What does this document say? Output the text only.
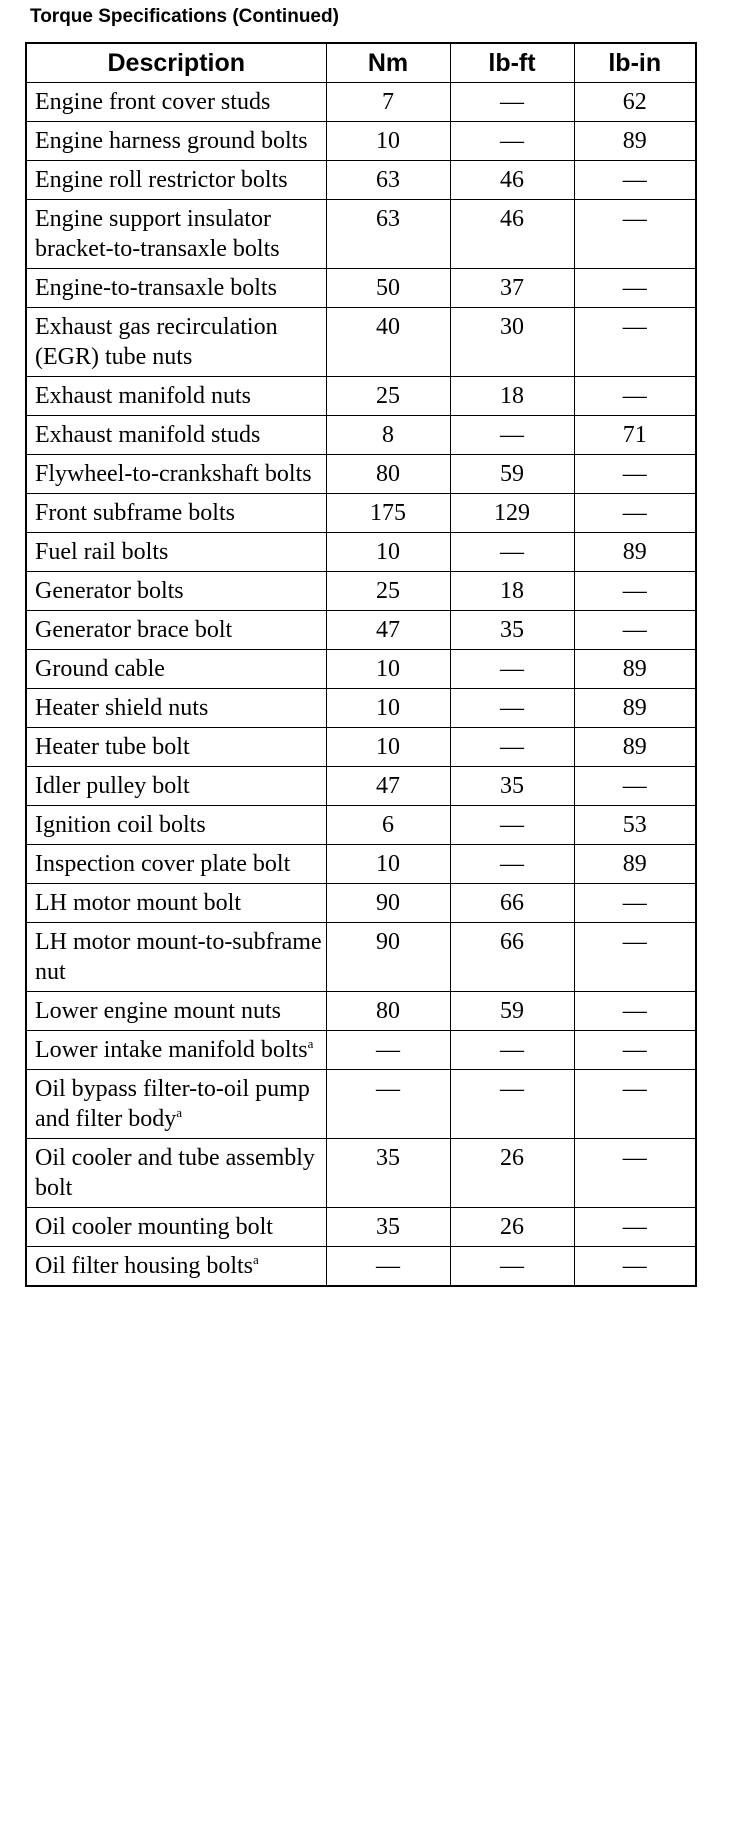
Torque Specifications (Continued)
Description	Nm	lb-ft	lb-in
Engine front cover studs	7	—	62
Engine harness ground bolts	10	—	89
Engine roll restrictor bolts	63	46	—
Engine support insulator bracket-to-transaxle bolts	63	46	—
Engine-to-transaxle bolts	50	37	—
Exhaust gas recirculation (EGR) tube nuts	40	30	—
Exhaust manifold nuts	25	18	—
Exhaust manifold studs	8	—	71
Flywheel-to-crankshaft bolts	80	59	—
Front subframe bolts	175	129	—
Fuel rail bolts	10	—	89
Generator bolts	25	18	—
Generator brace bolt	47	35	—
Ground cable	10	—	89
Heater shield nuts	10	—	89
Heater tube bolt	10	—	89
Idler pulley bolt	47	35	—
Ignition coil bolts	6	—	53
Inspection cover plate bolt	10	—	89
LH motor mount bolt	90	66	—
LH motor mount-to-subframe nut	90	66	—
Lower engine mount nuts	80	59	—
Lower intake manifold bolts$^a$	—	—	—
Oil bypass filter-to-oil pump and filter body$^a$	—	—	—
Oil cooler and tube assembly bolt	35	26	—
Oil cooler mounting bolt	35	26	—
Oil filter housing bolts$^a$	—	—	—
